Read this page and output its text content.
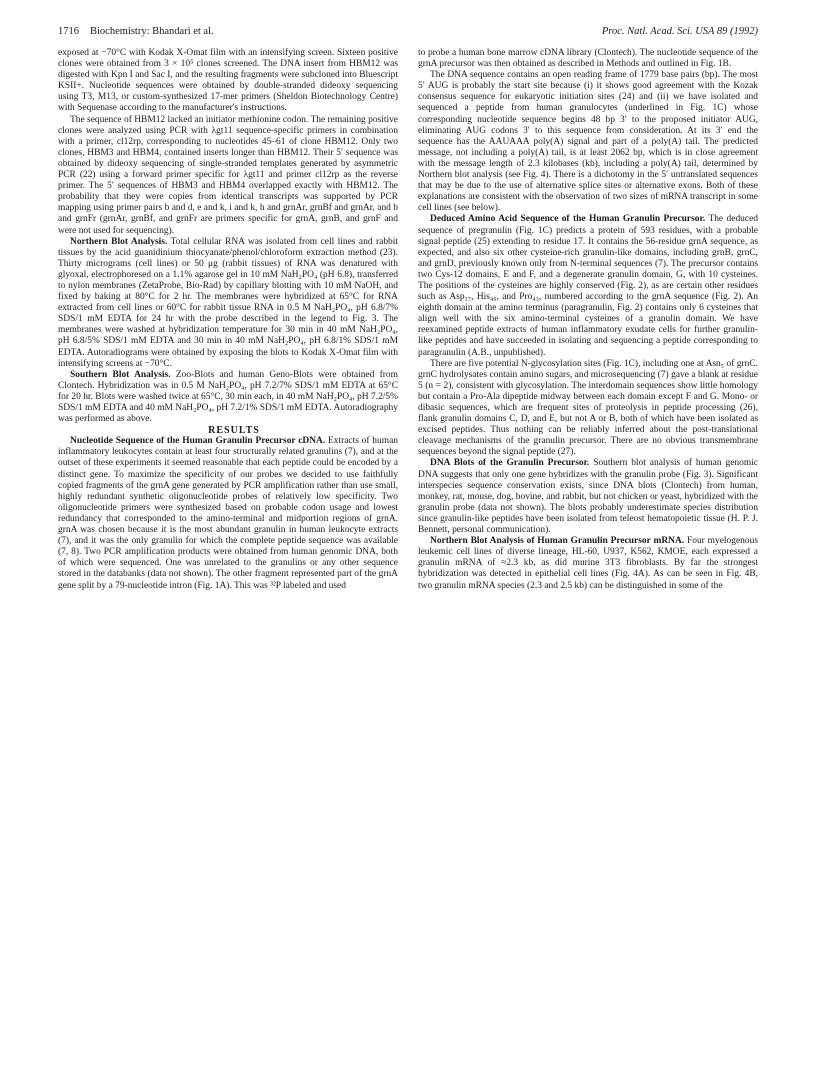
1716 Biochemistry: Bhandari et al.	Proc. Natl. Acad. Sci. USA 89 (1992)

exposed at −70°C with Kodak X-Omat film with an intensifying screen. Sixteen positive clones were obtained from 3 × 10⁵ clones screened. The DNA insert from HBM12 was digested with Kpn I and Sac I, and the resulting fragments were subcloned into Bluescript KSII+. Nucleotide sequences were obtained by double-stranded dideoxy sequencing using T3, M13, or custom-synthesized 17-mer primers (Sheldon Biotechnology Centre) with Sequenase according to the manufacturer's instructions.

The sequence of HBM12 lacked an initiator methionine codon. The remaining positive clones were analyzed using PCR with λgt11 sequence-specific primers in combination with a primer, cl12rp, corresponding to nucleotides 45–61 of clone HBM12. Only two clones, HBM3 and HBM4, contained inserts longer than HBM12. Their 5′ sequence was obtained by dideoxy sequencing of single-stranded templates generated by asymmetric PCR (22) using a forward primer specific for λgt11 and primer cl12rp as the reverse primer. The 5′ sequences of HBM3 and HBM4 overlapped exactly with HBM12. The probability that they were copies from identical transcripts was supported by PCR mapping using primer pairs b and d, e and k, i and k, h and grnAr, grnBf and grnAr, and b and grnFr (grnAr, grnBf, and grnFr are primers specific for grnA, grnB, and grnF and were not used for sequencing).

Northern Blot Analysis. Total cellular RNA was isolated from cell lines and rabbit tissues by the acid guanidinium thiocyanate/phenol/chloroform extraction method (23). Thirty micrograms (cell lines) or 50 μg (rabbit tissues) of RNA was denatured with glyoxal, electrophoresed on a 1.1% agarose gel in 10 mM NaH₂PO₄ (pH 6.8), transferred to nylon membranes (ZetaProbe, Bio-Rad) by capillary blotting with 10 mM NaOH, and fixed by baking at 80°C for 2 hr. The membranes were hybridized at 65°C for RNA extracted from cell lines or 60°C for rabbit tissue RNA in 0.5 M NaH₂PO₄, pH 6.8/7% SDS/1 mM EDTA for 24 hr with the probe described in the legend to Fig. 3. The membranes were washed at hybridization temperature for 30 min in 40 mM NaH₂PO₄, pH 6.8/5% SDS/1 mM EDTA and 30 min in 40 mM NaH₂PO₄, pH 6.8/1% SDS/1 mM EDTA. Autoradiograms were obtained by exposing the blots to Kodak X-Omat film with intensifying screens at −70°C.

Southern Blot Analysis. Zoo-Blots and human Geno-Blots were obtained from Clontech. Hybridization was in 0.5 M NaH₂PO₄, pH 7.2/7% SDS/1 mM EDTA at 65°C for 20 hr. Blots were washed twice at 65°C, 30 min each, in 40 mM NaH₂PO₄, pH 7.2/5% SDS/1 mM EDTA and 40 mM NaH₂PO₄, pH 7.2/1% SDS/1 mM EDTA. Autoradiography was performed as above.

RESULTS

Nucleotide Sequence of the Human Granulin Precursor cDNA. Extracts of human inflammatory leukocytes contain at least four structurally related granulins (7), and at the outset of these experiments it seemed reasonable that each peptide could be encoded by a distinct gene. To maximize the specificity of our probes we decided to use faithfully copied fragments of the grnA gene generated by PCR amplification rather than use small, highly redundant synthetic oligonucleotide probes of relatively low specificity. Two oligonucleotide primers were synthesized based on probable codon usage and lowest redundancy that corresponded to the amino-terminal and midportion regions of grnA. grnA was chosen because it is the most abundant granulin in human leukocyte extracts (7), and it was the only granulin for which the complete peptide sequence was available (7, 8). Two PCR amplification products were obtained from human genomic DNA, both of which were sequenced. One was unrelated to the granulins or any other sequence stored in the databanks (data not shown). The other fragment represented part of the grnA gene split by a 79-nucleotide intron (Fig. 1A). This was ³²P labeled and used

to probe a human bone marrow cDNA library (Clontech). The nucleotide sequence of the grnA precursor was then obtained as described in Methods and outlined in Fig. 1B.

The DNA sequence contains an open reading frame of 1779 base pairs (bp). The most 5′ AUG is probably the start site because (i) it shows good agreement with the Kozak consensus sequence for eukaryotic initiation sites (24) and (ii) we have isolated and sequenced a peptide from human granulocytes (underlined in Fig. 1C) whose corresponding nucleotide sequence begins 48 bp 3′ to the proposed initiator AUG, eliminating AUG codons 3′ to this sequence from consideration. At its 3′ end the sequence has the AAUAAA poly(A) signal and part of a poly(A) tail. The predicted message, not including a poly(A) tail, is at least 2062 bp, which is in close agreement with the message length of 2.3 kilobases (kb), including a poly(A) tail, determined by Northern blot analysis (see Fig. 4). There is a dichotomy in the 5′ untranslated sequences that may be due to the use of alternative splice sites or alternative exons. Both of these explanations are consistent with the observation of two sizes of mRNA transcript in some cell lines (see below).

Deduced Amino Acid Sequence of the Human Granulin Precursor. The deduced sequence of pregranulin (Fig. 1C) predicts a protein of 593 residues, with a probable signal peptide (25) extending to residue 17. It contains the 56-residue grnA sequence, as expected, and also six other cysteine-rich granulin-like domains, including grnB, grnC, and grnD, previously known only from N-terminal sequences (7). The precursor contains two Cys-12 domains, E and F, and a degenerate granulin domain, G, with 10 cysteines. The positions of the cysteines are highly conserved (Fig. 2), as are certain other residues such as Asp₃₇, His₄₀, and Pro₄₃, numbered according to the grnA sequence (Fig. 2). An eighth domain at the amino terminus (paragranulin, Fig. 2) contains only 6 cysteines that align well with the six amino-terminal cysteines of a granulin domain. We have reexamined peptide extracts of human inflammatory exudate cells for further granulin-like peptides and have succeeded in isolating and sequencing a peptide corresponding to paragranulin (A.B., unpublished).

There are five potential N-glycosylation sites (Fig. 1C), including one at Asn₅ of grnC. grnC hydrolysates contain amino sugars, and microsequencing (7) gave a blank at residue 5 (n = 2), consistent with glycosylation. The interdomain sequences show little homology but contain a Pro-Ala dipeptide midway between each domain except F and G. Mono- or dibasic sequences, which are frequent sites of proteolysis in peptide processing (26), flank granulin domains C, D, and E, but not A or B, both of which have been isolated as excised peptides. Thus nothing can be reliably inferred about the post-translational cleavage mechanisms of the granulin precursor. There are no obvious transmembrane sequences beyond the signal peptide (27).

DNA Blots of the Granulin Precursor. Southern blot analysis of human genomic DNA suggests that only one gene hybridizes with the granulin probe (Fig. 3). Significant interspecies sequence conservation exists, since DNA blots (Clontech) from human, monkey, rat, mouse, dog, bovine, and rabbit, but not chicken or yeast, hybridized with the granulin probe (data not shown). The blots probably underestimate species distribution since granulin-like peptides have been isolated from teleost hematopoietic tissue (H. P. J. Bennett, personal communication).

Northern Blot Analysis of Human Granulin Precursor mRNA. Four myelogenous leukemic cell lines of diverse lineage, HL-60, U937, K562, KMOE, each expressed a granulin mRNA of ≈2.3 kb, as did murine 3T3 fibroblasts. By far the strongest hybridization was detected in epithelial cell lines (Fig. 4A). As can be seen in Fig. 4B, two granulin mRNA species (2.3 and 2.5 kb) can be distinguished in some of the
